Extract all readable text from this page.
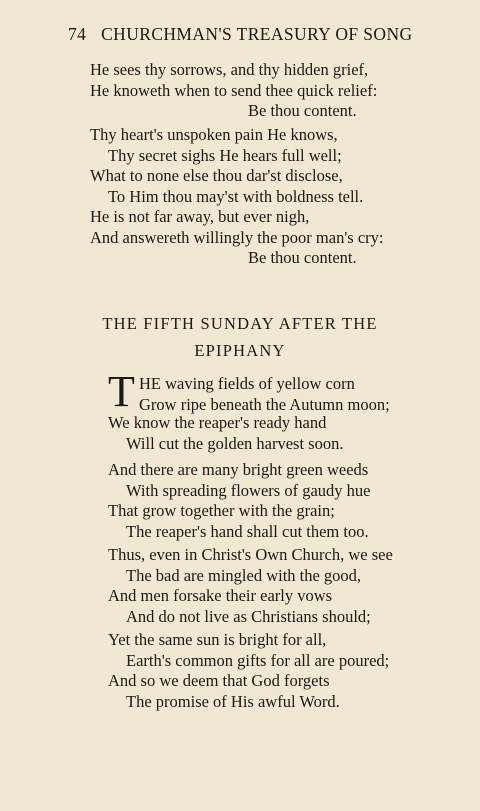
74 CHURCHMAN'S TREASURY OF SONG
He sees thy sorrows, and thy hidden grief,
He knoweth when to send thee quick relief:
Be thou content.
Thy heart's unspoken pain He knows,
Thy secret sighs He hears full well;
What to none else thou dar'st disclose,
To Him thou may'st with boldness tell.
He is not far away, but ever nigh,
And answereth willingly the poor man's cry:
Be thou content.
THE FIFTH SUNDAY AFTER THE
EPIPHANY
T HE waving fields of yellow corn
Grow ripe beneath the Autumn moon;
We know the reaper's ready hand
Will cut the golden harvest soon.
And there are many bright green weeds
With spreading flowers of gaudy hue
That grow together with the grain;
The reaper's hand shall cut them too.
Thus, even in Christ's Own Church, we see
The bad are mingled with the good,
And men forsake their early vows
And do not live as Christians should;
Yet the same sun is bright for all,
Earth's common gifts for all are poured;
And so we deem that God forgets
The promise of His awful Word.
